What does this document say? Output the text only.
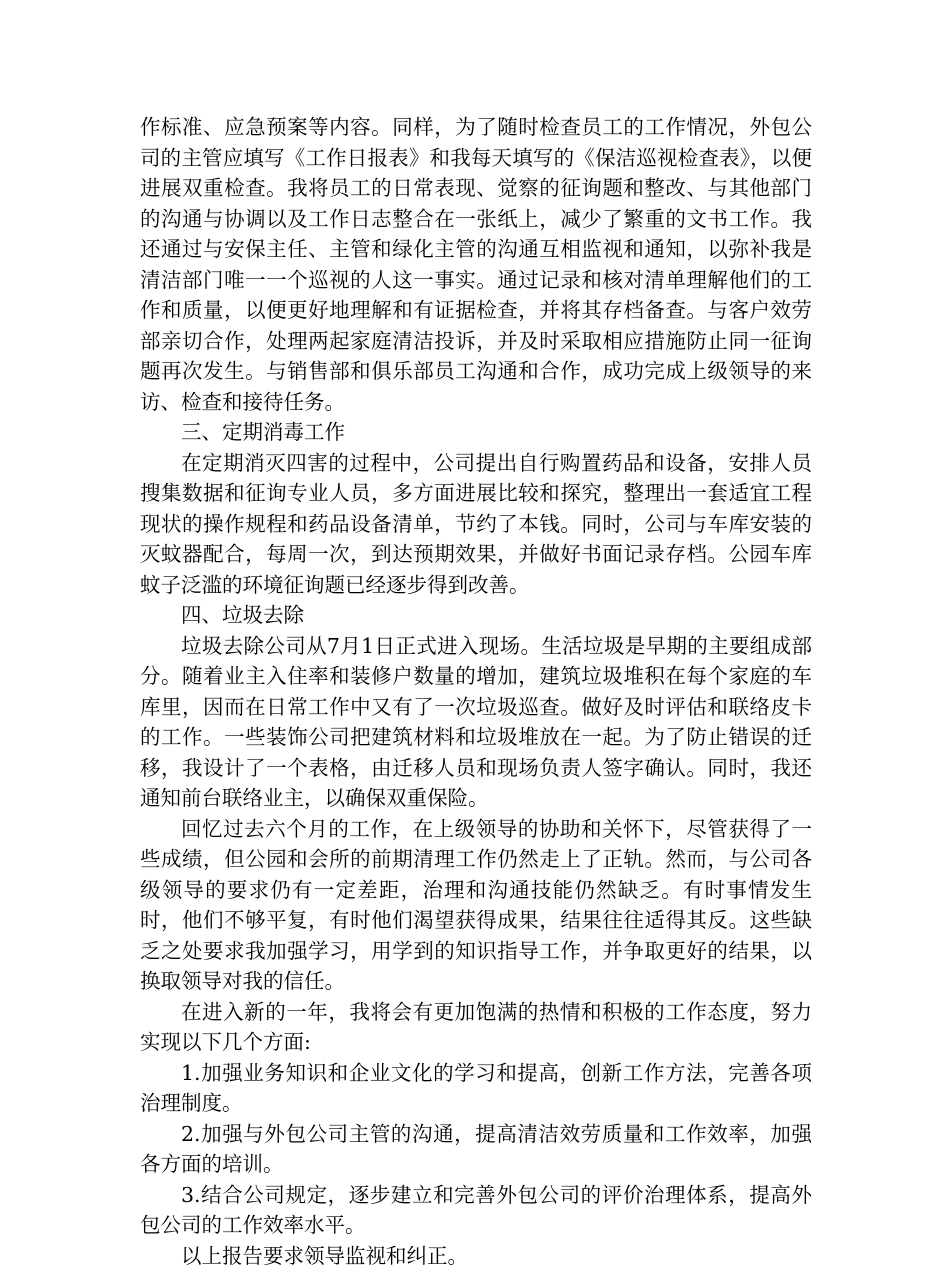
作标准、应急预案等内容。同样，为了随时检查员工的工作情况，外包公司的主管应填写《工作日报表》和我每天填写的《保洁巡视检查表》，以便进展双重检查。我将员工的日常表现、觉察的征询题和整改、与其他部门的沟通与协调以及工作日志整合在一张纸上，减少了繁重的文书工作。我还通过与安保主任、主管和绿化主管的沟通互相监视和通知，以弥补我是清洁部门唯一一个巡视的人这一事实。通过记录和核对清单理解他们的工作和质量，以便更好地理解和有证据检查，并将其存档备查。与客户效劳部亲切合作，处理两起家庭清洁投诉，并及时采取相应措施防止同一征询题再次发生。与销售部和俱乐部员工沟通和合作，成功完成上级领导的来访、检查和接待任务。

三、定期消毒工作

在定期消灭四害的过程中，公司提出自行购置药品和设备，安排人员搜集数据和征询专业人员，多方面进展比较和探究，整理出一套适宜工程现状的操作规程和药品设备清单，节约了本钱。同时，公司与车库安装的灭蚊器配合，每周一次，到达预期效果，并做好书面记录存档。公园车库蚊子泛滥的环境征询题已经逐步得到改善。

四、垃圾去除

垃圾去除公司从7月1日正式进入现场。生活垃圾是早期的主要组成部分。随着业主入住率和装修户数量的增加，建筑垃圾堆积在每个家庭的车库里，因而在日常工作中又有了一次垃圾巡查。做好及时评估和联络皮卡的工作。一些装饰公司把建筑材料和垃圾堆放在一起。为了防止错误的迁移，我设计了一个表格，由迁移人员和现场负责人签字确认。同时，我还通知前台联络业主，以确保双重保险。

回忆过去六个月的工作，在上级领导的协助和关怀下，尽管获得了一些成绩，但公园和会所的前期清理工作仍然走上了正轨。然而，与公司各级领导的要求仍有一定差距，治理和沟通技能仍然缺乏。有时事情发生时，他们不够平复，有时他们渴望获得成果，结果往往适得其反。这些缺乏之处要求我加强学习，用学到的知识指导工作，并争取更好的结果，以换取领导对我的信任。

在进入新的一年，我将会有更加饱满的热情和积极的工作态度，努力实现以下几个方面:

1.加强业务知识和企业文化的学习和提高，创新工作方法，完善各项治理制度。

2.加强与外包公司主管的沟通，提高清洁效劳质量和工作效率，加强各方面的培训。

3.结合公司规定，逐步建立和完善外包公司的评价治理体系，提高外包公司的工作效率水平。

以上报告要求领导监视和纠正。
